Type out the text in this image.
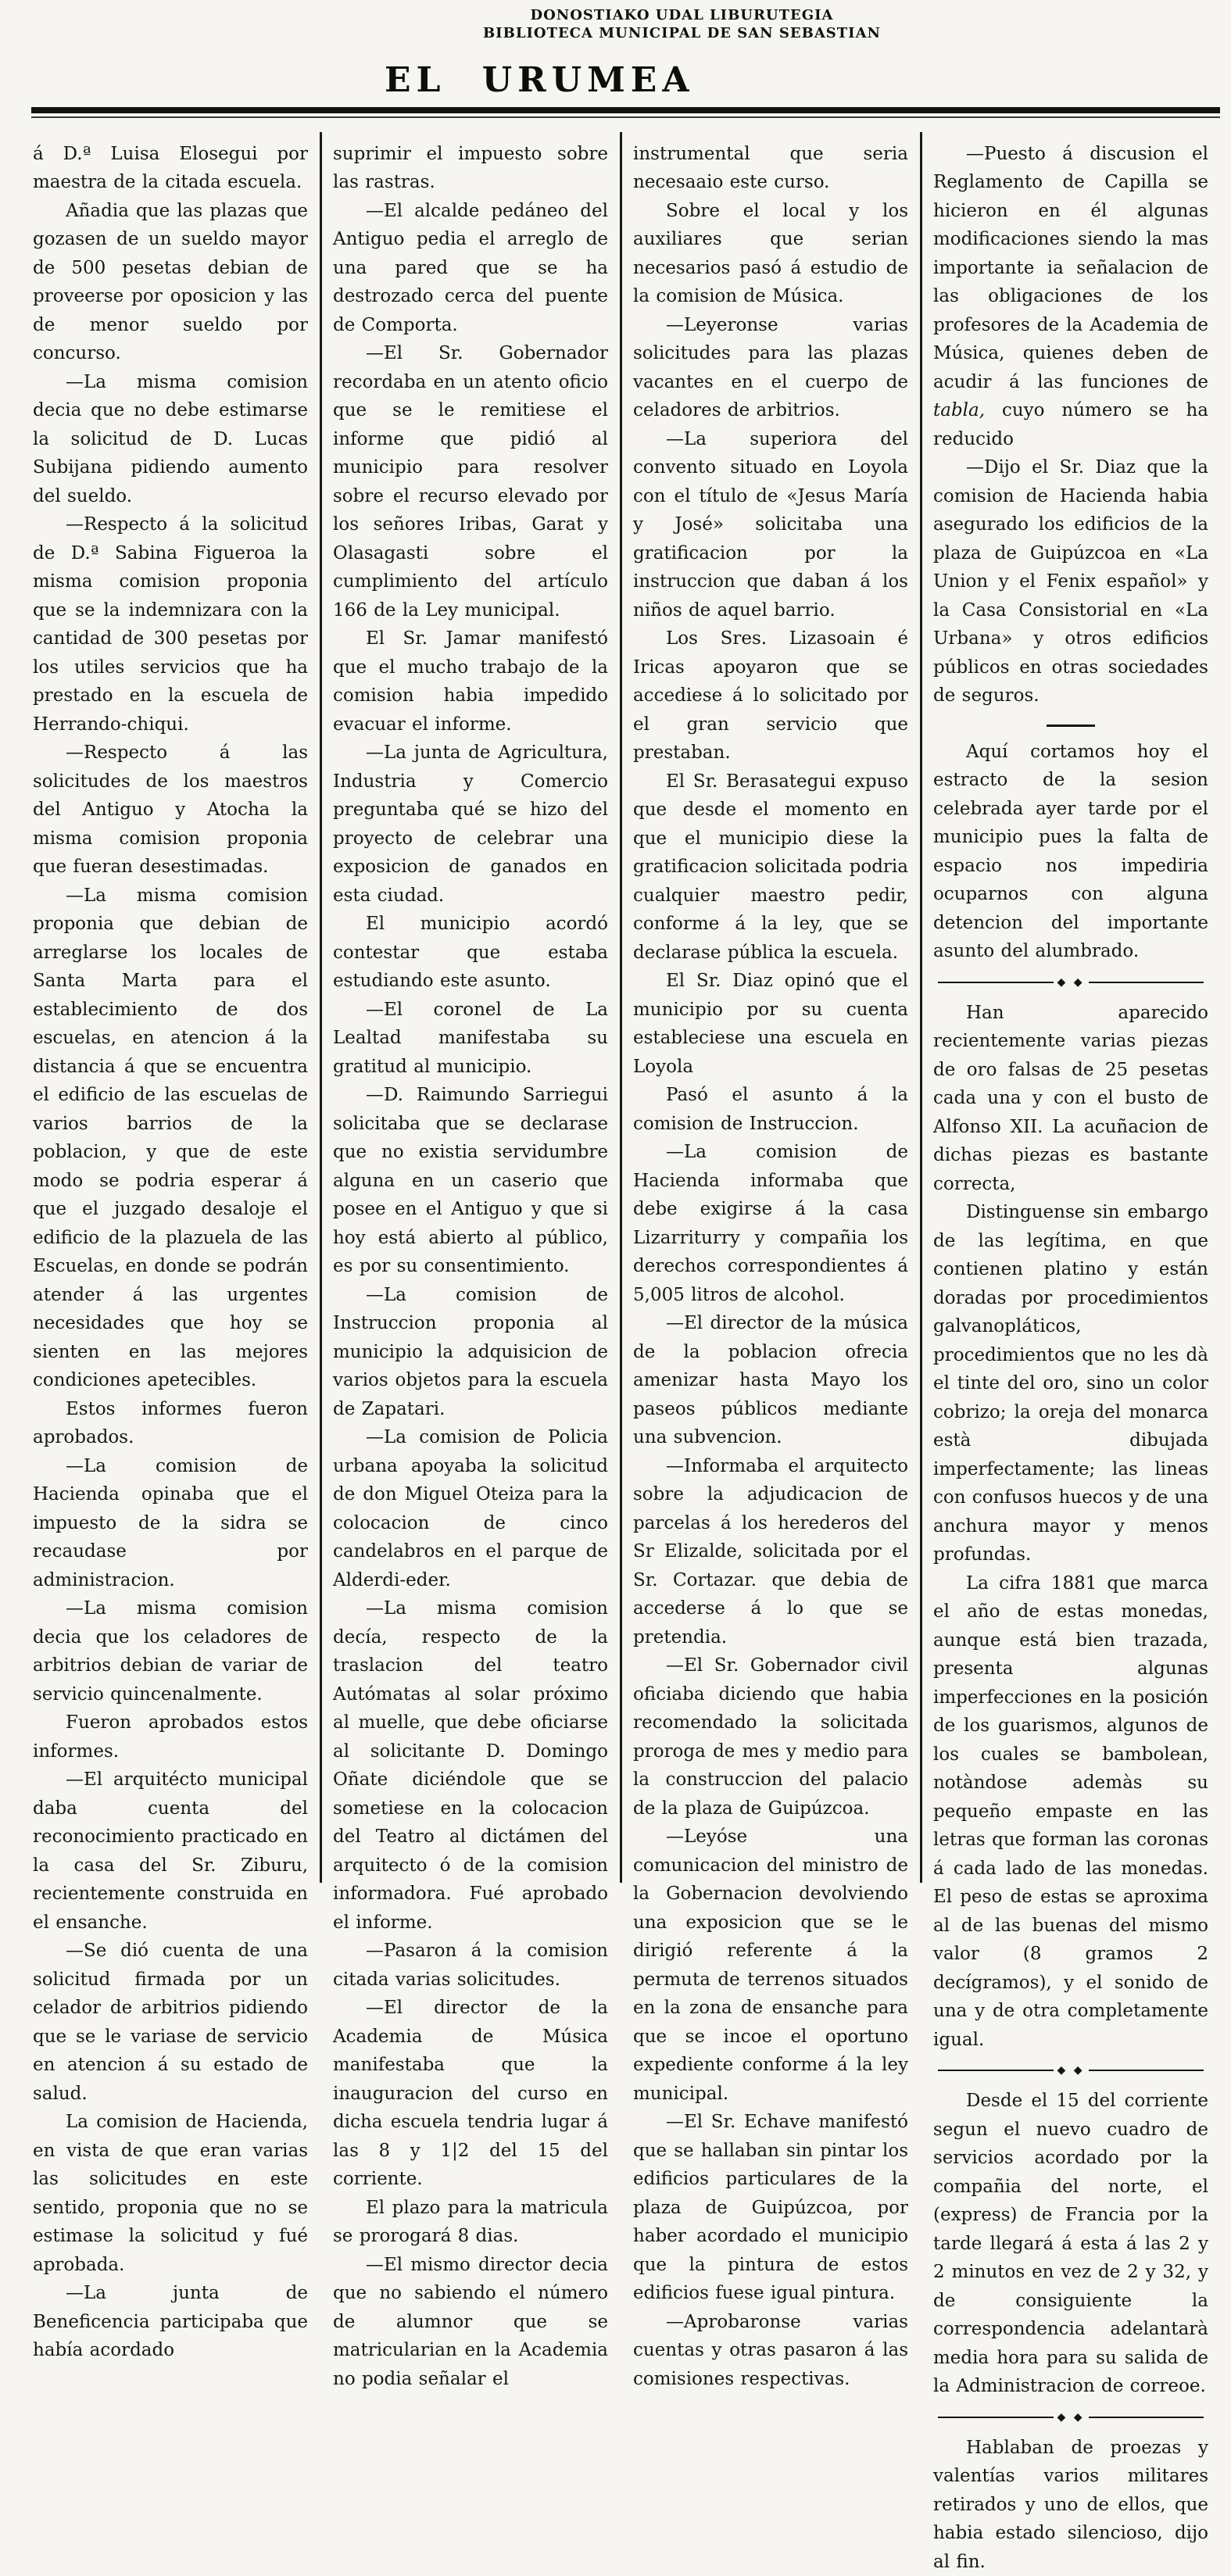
DONOSTIAKO UDAL LIBURUTEGIA
BIBLIOTECA MUNICIPAL DE SAN SEBASTIAN
EL URUMEA

á D.ª Luisa Elosegui por maestra de la citada escuela.

Añadia que las plazas que gozasen de un sueldo mayor de 500 pesetas debian de proveerse por oposicion y las de menor sueldo por concurso.

—La misma comision decia que no debe estimarse la solicitud de D. Lucas Subijana pidiendo aumento del sueldo.

—Respecto á la solicitud de D.ª Sabina Figueroa la misma comision proponia que se la indemnizara con la cantidad de 300 pesetas por los utiles servicios que ha prestado en la escuela de Herrando-chiqui.

—Respecto á las solicitudes de los maestros del Antiguo y Atocha la misma comision proponia que fueran desestimadas.

—La misma comision proponia que debian de arreglarse los locales de Santa Marta para el establecimiento de dos escuelas, en atencion á la distancia á que se encuentra el edificio de las escuelas de varios barrios de la poblacion, y que de este modo se podria esperar á que el juzgado desaloje el edificio de la plazuela de las Escuelas, en donde se podrán atender á las urgentes necesidades que hoy se sienten en las mejores condiciones apetecibles.

Estos informes fueron aprobados.

—La comision de Hacienda opinaba que el impuesto de la sidra se recaudase por administracion.

—La misma comision decia que los celadores de arbitrios debian de variar de servicio quincenalmente.

Fueron aprobados estos informes.

—El arquitécto municipal daba cuenta del reconocimiento practicado en la casa del Sr. Ziburu, recientemente construida en el ensanche.

—Se dió cuenta de una solicitud firmada por un celador de arbitrios pidiendo que se le variase de servicio en atencion á su estado de salud.

La comision de Hacienda, en vista de que eran varias las solicitudes en este sentido, proponia que no se estimase la solicitud y fué aprobada.

—La junta de Beneficencia participaba que había acordado

suprimir el impuesto sobre las rastras.

—El alcalde pedáneo del Antiguo pedia el arreglo de una pared que se ha destrozado cerca del puente de Comporta.

—El Sr. Gobernador recordaba en un atento oficio que se le remitiese el informe que pidió al municipio para resolver sobre el recurso elevado por los señores Iribas, Garat y Olasagasti sobre el cumplimiento del artículo 166 de la Ley municipal.

El Sr. Jamar manifestó que el mucho trabajo de la comision habia impedido evacuar el informe.

—La junta de Agricultura, Industria y Comercio preguntaba qué se hizo del proyecto de celebrar una exposicion de ganados en esta ciudad.

El municipio acordó contestar que estaba estudiando este asunto.

—El coronel de La Lealtad manifestaba su gratitud al municipio.

—D. Raimundo Sarriegui solicitaba que se declarase que no existia servidumbre alguna en un caserio que posee en el Antiguo y que si hoy está abierto al público, es por su consentimiento.

—La comision de Instruccion proponia al municipio la adquisicion de varios objetos para la escuela de Zapatari.

—La comision de Policia urbana apoyaba la solicitud de don Miguel Oteiza para la colocacion de cinco candelabros en el parque de Alderdi-eder.

—La misma comision decía, respecto de la traslacion del teatro Autómatas al solar próximo al muelle, que debe oficiarse al solicitante D. Domingo Oñate diciéndole que se sometiese en la colocacion del Teatro al dictámen del arquitecto ó de la comision informadora. Fué aprobado el informe.

—Pasaron á la comision citada varias solicitudes.

—El director de la Academia de Música manifestaba que la inauguracion del curso en dicha escuela tendria lugar á las 8 y 1|2 del 15 del corriente.

El plazo para la matricula se prorogará 8 dias.

—El mismo director decia que no sabiendo el número de alumnor que se matricularian en la Academia no podia señalar el

instrumental que seria necesaaio este curso.

Sobre el local y los auxiliares que serian necesarios pasó á estudio de la comision de Música.

—Leyeronse varias solicitudes para las plazas vacantes en el cuerpo de celadores de arbitrios.

—La superiora del convento situado en Loyola con el título de «Jesus María y José» solicitaba una gratificacion por la instruccion que daban á los niños de aquel barrio.

Los Sres. Lizasoain é Iricas apoyaron que se accediese á lo solicitado por el gran servicio que prestaban.

El Sr. Berasategui expuso que desde el momento en que el municipio diese la gratificacion solicitada podria cualquier maestro pedir, conforme á la ley, que se declarase pública la escuela.

El Sr. Diaz opinó que el municipio por su cuenta estableciese una escuela en Loyola

Pasó el asunto á la comision de Instruccion.

—La comision de Hacienda informaba que debe exigirse á la casa Lizarriturry y compañia los derechos correspondientes á 5,005 litros de alcohol.

—El director de la música de la poblacion ofrecia amenizar hasta Mayo los paseos públicos mediante una subvencion.

—Informaba el arquitecto sobre la adjudicacion de parcelas á los herederos del Sr Elizalde, solicitada por el Sr. Cortazar. que debia de accederse á lo que se pretendia.

—El Sr. Gobernador civil oficiaba diciendo que habia recomendado la solicitada proroga de mes y medio para la construccion del palacio de la plaza de Guipúzcoa.

—Leyóse una comunicacion del ministro de la Gobernacion devolviendo una exposicion que se le dirigió referente á la permuta de terrenos situados en la zona de ensanche para que se incoe el oportuno expediente conforme á la ley municipal.

—El Sr. Echave manifestó que se hallaban sin pintar los edificios particulares de la plaza de Guipúzcoa, por haber acordado el municipio que la pintura de estos edificios fuese igual pintura.

—Aprobaronse varias cuentas y otras pasaron á las comisiones respectivas.

—Puesto á discusion el Reglamento de Capilla se hicieron en él algunas modificaciones siendo la mas importante ia señalacion de las obligaciones de los profesores de la Academia de Música, quienes deben de acudir á las funciones de tabla, cuyo número se ha reducido

—Dijo el Sr. Diaz que la comision de Hacienda habia asegurado los edificios de la plaza de Guipúzcoa en «La Union y el Fenix español» y la Casa Consistorial en «La Urbana» y otros edificios públicos en otras sociedades de seguros.

Aquí cortamos hoy el estracto de la sesion celebrada ayer tarde por el municipio pues la falta de espacio nos impediria ocuparnos con alguna detencion del importante asunto del alumbrado.

◆ ◆

Han aparecido recientemente varias piezas de oro falsas de 25 pesetas cada una y con el busto de Alfonso XII. La acuñacion de dichas piezas es bastante correcta,

Distinguense sin embargo de las legítima, en que contienen platino y están doradas por procedimientos galvanopláticos, procedimientos que no les dà el tinte del oro, sino un color cobrizo; la oreja del monarca està dibujada imperfectamente; las lineas con confusos huecos y de una anchura mayor y menos profundas.

La cifra 1881 que marca el año de estas monedas, aunque está bien trazada, presenta algunas imperfecciones en la posición de los guarismos, algunos de los cuales se bambolean, notàndose ademàs su pequeño empaste en las letras que forman las coronas á cada lado de las monedas. El peso de estas se aproxima al de las buenas del mismo valor (8 gramos 2 decígramos), y el sonido de una y de otra completamente igual.

◆ ◆

Desde el 15 del corriente segun el nuevo cuadro de servicios acordado por la compañia del norte, el (express) de Francia por la tarde llegará á esta á las 2 y 2 minutos en vez de 2 y 32, y de consiguiente la correspondencia adelantarà media hora para su salida de la Administracion de correoe.

◆ ◆

Hablaban de proezas y valentías varios militares retirados y uno de ellos, que habia estado silencioso, dijo al fin.
